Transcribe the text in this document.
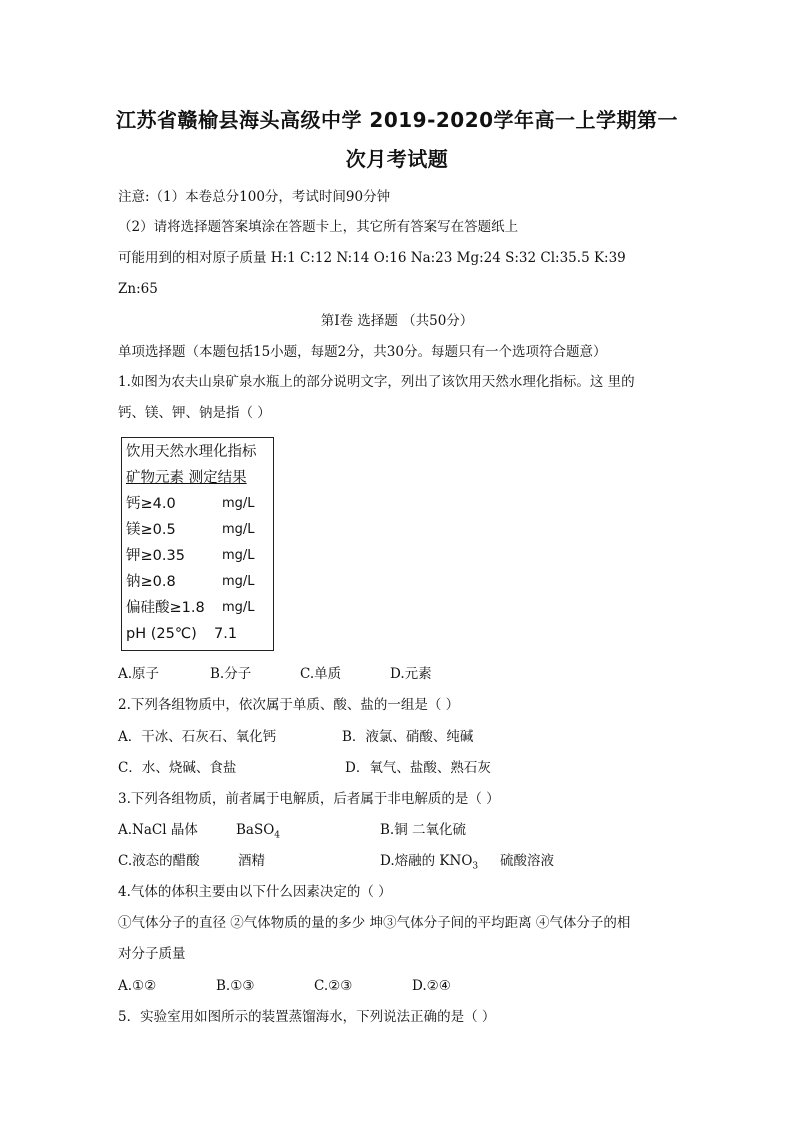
江苏省赣榆县海头高级中学 2019-2020学年高一上学期第一
次月考试题
注意:（1）本卷总分100分，考试时间90分钟
（2）请将选择题答案填涂在答题卡上，其它所有答案写在答题纸上
可能用到的相对原子质量 H:1 C:12 N:14 O:16 Na:23 Mg:24 S:32 Cl:35.5 K:39
Zn:65
第Ⅰ卷 选择题 （共50分）
单项选择题（本题包括15小题，每题2分，共30分。每题只有一个选项符合题意）
1.如图为农夫山泉矿泉水瓶上的部分说明文字，列出了该饮用天然水理化指标。这 里的
钙、镁、钾、钠是指（ ）
饮用天然水理化指标
矿物元素 测定结果
钙≥4.0	mg/L
镁≥0.5	mg/L
钾≥0.35	mg/L
钠≥0.8	mg/L
偏硅酸≥1.8 mg/L
pH (25℃) 7.1
A.原子	B.分子	C.单质	D.元素
2.下列各组物质中，依次属于单质、酸、盐的一组是（ ）
A．干冰、石灰石、氧化钙	B．液氯、硝酸、纯碱
C．水、烧碱、食盐	D．氧气、盐酸、熟石灰
3.下列各组物质，前者属于电解质，后者属于非电解质的是（ ）
A.NaCl 晶体	BaSO$_4$	B.铜 二氧化硫
C.液态的醋酸	酒精	D.熔融的 $KNO_3$ 硫酸溶液
4.气体的体积主要由以下什么因素决定的（ ）
①气体分子的直径 ②气体物质的量的多少 坤③气体分子间的平均距离 ④气体分子的相
对分子质量
A.①②	B.①③	C.②③	D.②④
5．实验室用如图所示的装置蒸馏海水，下列说法正确的是（ ）
